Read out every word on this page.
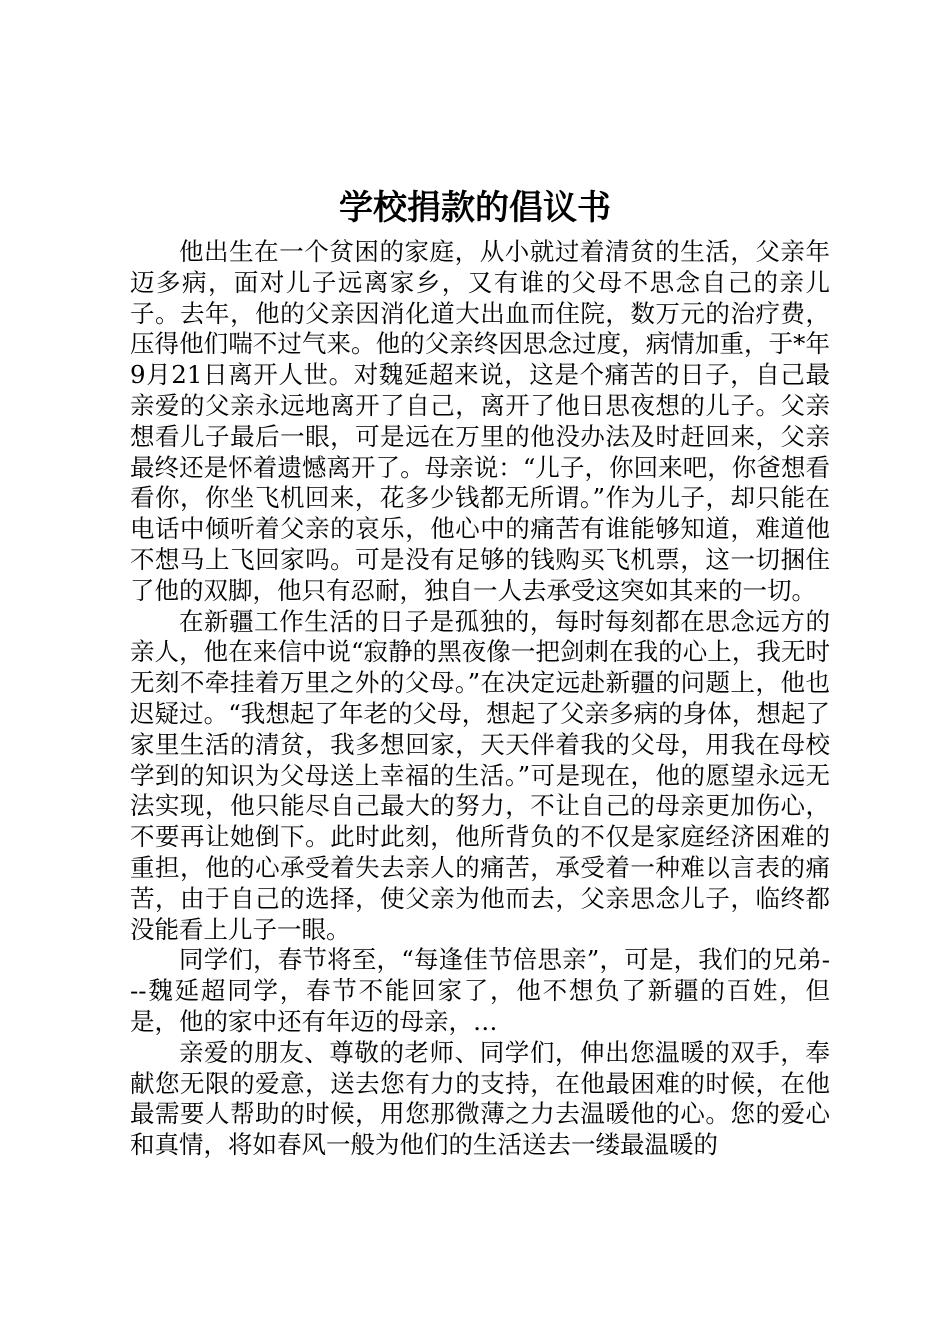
学校捐款的倡议书

他出生在一个贫困的家庭，从小就过着清贫的生活，父亲年迈多病，面对儿子远离家乡，又有谁的父母不思念自己的亲儿子。去年，他的父亲因消化道大出血而住院，数万元的治疗费，压得他们喘不过气来。他的父亲终因思念过度，病情加重，于*年9月21日离开人世。对魏延超来说，这是个痛苦的日子，自己最亲爱的父亲永远地离开了自己，离开了他日思夜想的儿子。父亲想看儿子最后一眼，可是远在万里的他没办法及时赶回来，父亲最终还是怀着遗憾离开了。母亲说：“儿子，你回来吧，你爸想看看你，你坐飞机回来，花多少钱都无所谓。”作为儿子，却只能在电话中倾听着父亲的哀乐，他心中的痛苦有谁能够知道，难道他不想马上飞回家吗。可是没有足够的钱购买飞机票，这一切捆住了他的双脚，他只有忍耐，独自一人去承受这突如其来的一切。

在新疆工作生活的日子是孤独的，每时每刻都在思念远方的亲人，他在来信中说“寂静的黑夜像一把剑刺在我的心上，我无时无刻不牵挂着万里之外的父母。”在决定远赴新疆的问题上，他也迟疑过。“我想起了年老的父母，想起了父亲多病的身体，想起了家里生活的清贫，我多想回家，天天伴着我的父母，用我在母校学到的知识为父母送上幸福的生活。”可是现在，他的愿望永远无法实现，他只能尽自己最大的努力，不让自己的母亲更加伤心，不要再让她倒下。此时此刻，他所背负的不仅是家庭经济困难的重担，他的心承受着失去亲人的痛苦，承受着一种难以言表的痛苦，由于自己的选择，使父亲为他而去，父亲思念儿子，临终都没能看上儿子一眼。

同学们，春节将至，“每逢佳节倍思亲”，可是，我们的兄弟---魏延超同学，春节不能回家了，他不想负了新疆的百姓，但是，他的家中还有年迈的母亲，…

亲爱的朋友、尊敬的老师、同学们，伸出您温暖的双手，奉献您无限的爱意，送去您有力的支持，在他最困难的时候，在他最需要人帮助的时候，用您那微薄之力去温暖他的心。您的爱心和真情，将如春风一般为他们的生活送去一缕最温暖的
